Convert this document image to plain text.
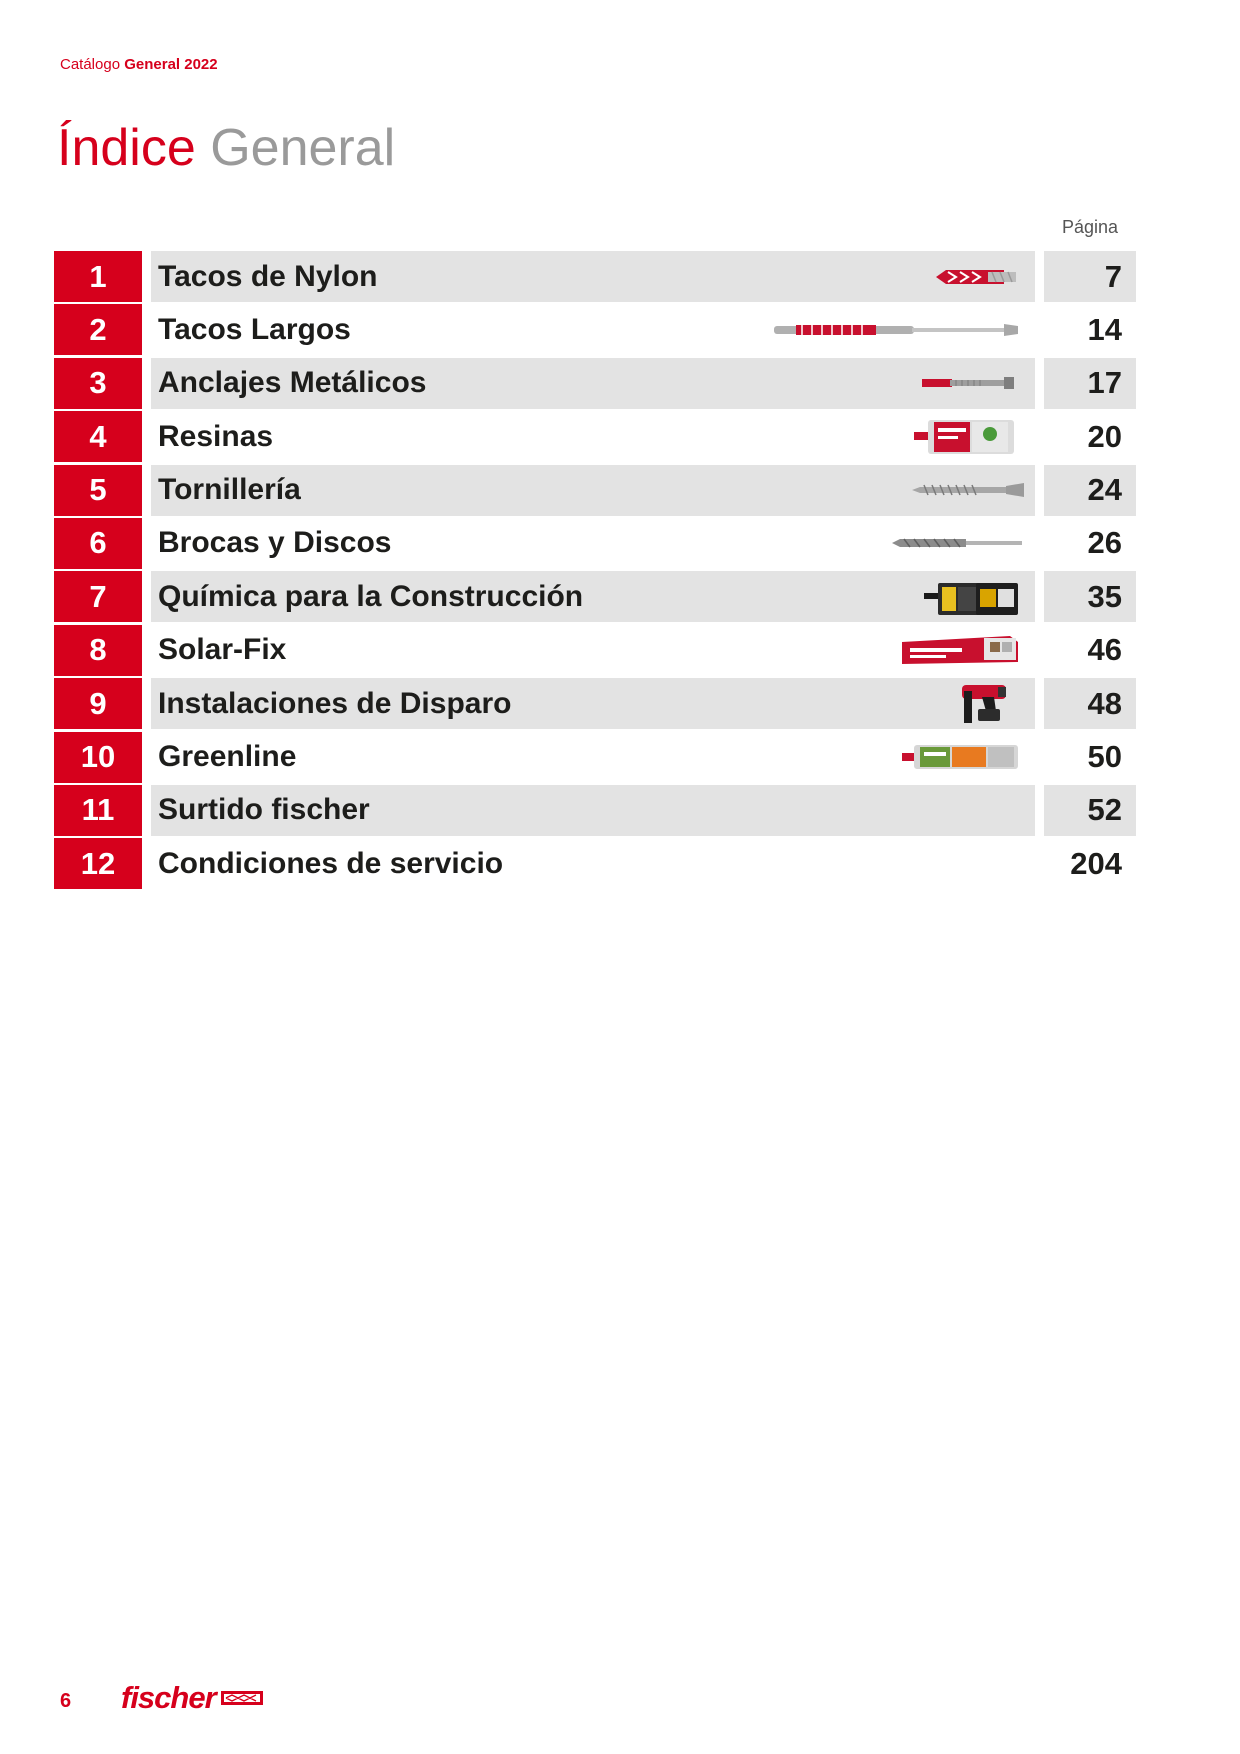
Catálogo General 2022
Índice General
Página
1	Tacos de Nylon	7
2	Tacos Largos	14
3	Anclajes Metálicos	17
4	Resinas	20
5	Tornillería	24
6	Brocas y Discos	26
7	Química para la Construcción	35
8	Solar-Fix	46
9	Instalaciones de Disparo	48
10	Greenline	50
11	Surtido fischer	52
12	Condiciones de servicio	204
6 fischer
